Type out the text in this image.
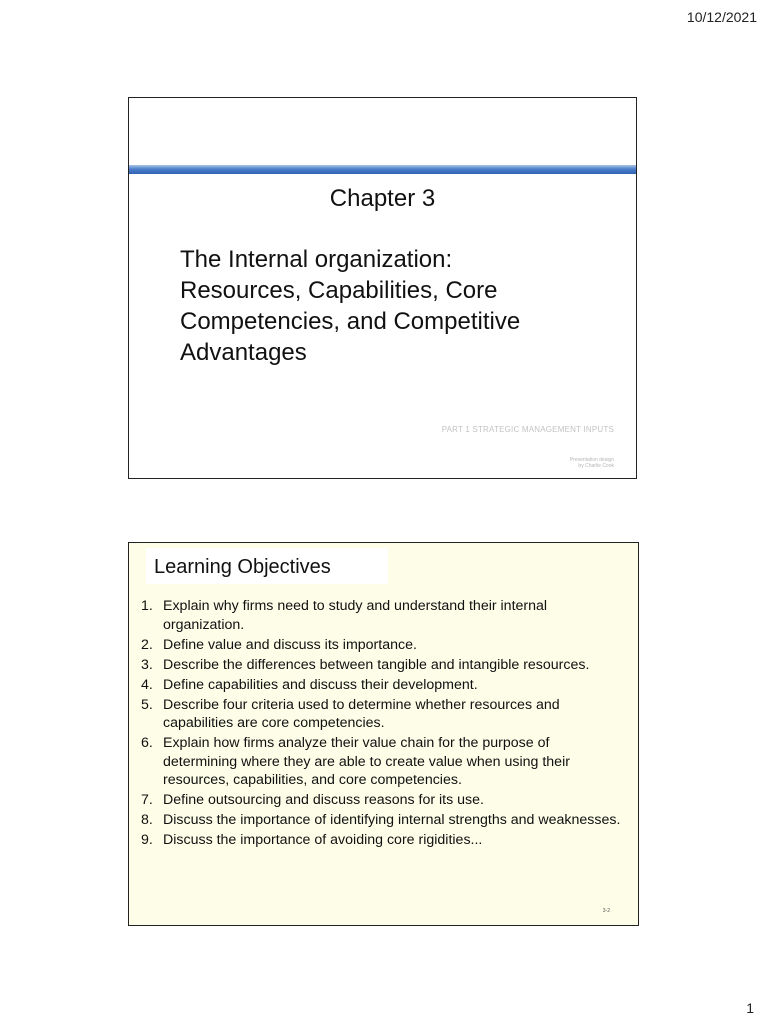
10/12/2021
Chapter 3
The Internal organization:
Resources, Capabilities, Core
Competencies, and Competitive
Advantages
PART 1 STRATEGIC MANAGEMENT INPUTS
Presentation design
by Charlie Cook
Learning Objectives
1. Explain why firms need to study and understand their internal organization.
2. Define value and discuss its importance.
3. Describe the differences between tangible and intangible resources.
4. Define capabilities and discuss their development.
5. Describe four criteria used to determine whether resources and capabilities are core competencies.
6. Explain how firms analyze their value chain for the purpose of determining where they are able to create value when using their resources, capabilities, and core competencies.
7. Define outsourcing and discuss reasons for its use.
8. Discuss the importance of identifying internal strengths and weaknesses.
9. Discuss the importance of avoiding core rigidities...
3-2
1
